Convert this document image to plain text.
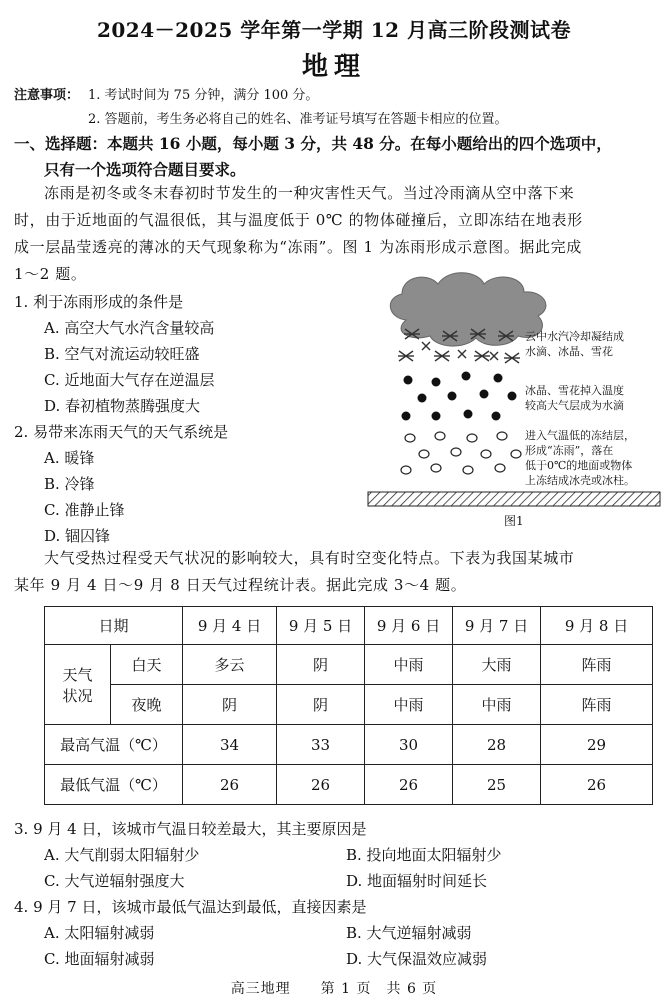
2024－2025 学年第一学期 12 月高三阶段测试卷
地理
注意事项： 1. 考试时间为 75 分钟，满分 100 分。
2. 答题前，考生务必将自己的姓名、准考证号填写在答题卡相应的位置。
一、选择题：本题共 16 小题，每小题 3 分，共 48 分。在每小题给出的四个选项中，
只有一个选项符合题目要求。
冻雨是初冬或冬末春初时节发生的一种灾害性天气。当过冷雨滴从空中落下来
时，由于近地面的气温很低，其与温度低于 0℃ 的物体碰撞后，立即冻结在地表形
成一层晶莹透亮的薄冰的天气现象称为“冻雨”。图 1 为冻雨形成示意图。据此完成
1～2 题。
1. 利于冻雨形成的条件是
A. 高空大气水汽含量较高
B. 空气对流运动较旺盛
C. 近地面大气存在逆温层
D. 春初植物蒸腾强度大
2. 易带来冻雨天气的天气系统是
A. 暖锋
B. 冷锋
C. 准静止锋
D. 锢囚锋
云中水汽冷却凝结成
水滴、冰晶、雪花
冰晶、雪花掉入温度
较高大气层成为水滴
进入气温低的冻结层，
形成“冻雨”，落在
低于0℃的地面或物体
上冻结成冰壳或冰柱。
图1
大气受热过程受天气状况的影响较大，具有时空变化特点。下表为我国某城市
某年 9 月 4 日～9 月 8 日天气过程统计表。据此完成 3～4 题。
日期		9 月 4 日	9 月 5 日	9 月 6 日	9 月 7 日	9 月 8 日

天气
状况	白天	多云	阴	中雨	大雨	阵雨
	夜晚	阴	阴	中雨	中雨	阵雨
最高气温（℃）		34	33	30	28	29
最低气温（℃）		26	26	26	25	26
3. 9 月 4 日，该城市气温日较差最大，其主要原因是
A. 大气削弱太阳辐射少	B. 投向地面太阳辐射少
C. 大气逆辐射强度大	D. 地面辐射时间延长
4. 9 月 7 日，该城市最低气温达到最低，直接因素是
A. 太阳辐射减弱	B. 大气逆辐射减弱
C. 地面辐射减弱	D. 大气保温效应减弱
高三地理　　第 1 页　共 6 页
